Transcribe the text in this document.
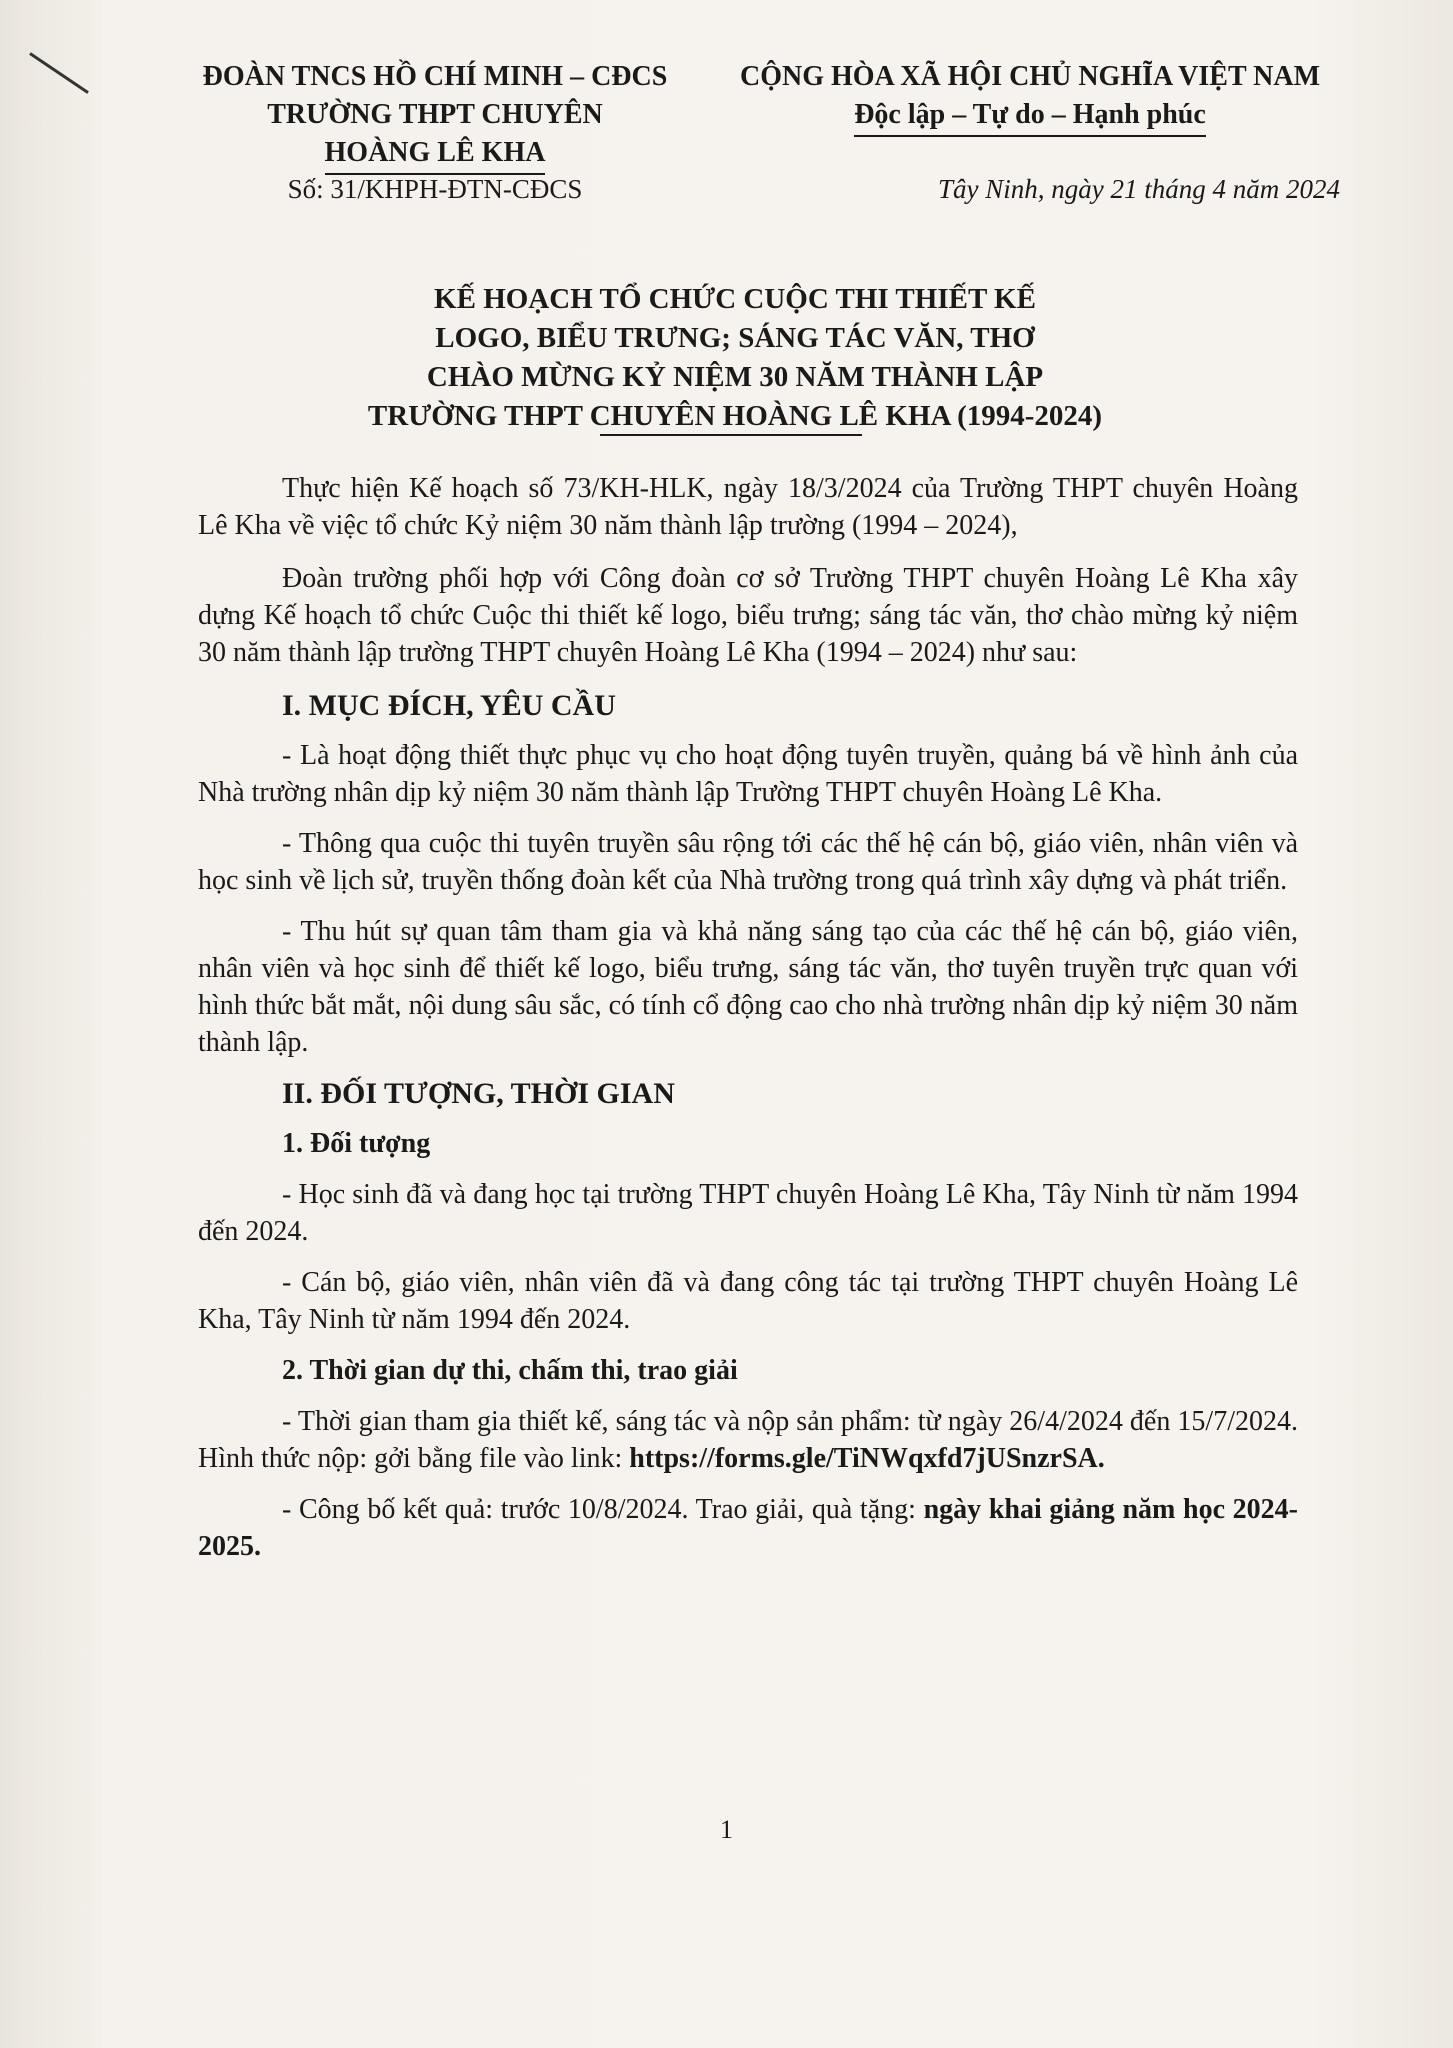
ĐOÀN TNCS HỒ CHÍ MINH – CĐCS
TRƯỜNG THPT CHUYÊN
HOÀNG LÊ KHA
CỘNG HÒA XÃ HỘI CHỦ NGHĨA VIỆT NAM
Độc lập – Tự do – Hạnh phúc
Số: 31/KHPH-ĐTN-CĐCS	Tây Ninh, ngày 21 tháng 4 năm 2024
KẾ HOẠCH TỔ CHỨC CUỘC THI THIẾT KẾ
LOGO, BIỂU TRƯNG; SÁNG TÁC VĂN, THƠ
CHÀO MỪNG KỶ NIỆM 30 NĂM THÀNH LẬP
TRƯỜNG THPT CHUYÊN HOÀNG LÊ KHA (1994-2024)

Thực hiện Kế hoạch số 73/KH-HLK, ngày 18/3/2024 của Trường THPT chuyên Hoàng Lê Kha về việc tổ chức Kỷ niệm 30 năm thành lập trường (1994 – 2024),

Đoàn trường phối hợp với Công đoàn cơ sở Trường THPT chuyên Hoàng Lê Kha xây dựng Kế hoạch tổ chức Cuộc thi thiết kế logo, biểu trưng; sáng tác văn, thơ chào mừng kỷ niệm 30 năm thành lập trường THPT chuyên Hoàng Lê Kha (1994 – 2024) như sau:

I. MỤC ĐÍCH, YÊU CẦU

- Là hoạt động thiết thực phục vụ cho hoạt động tuyên truyền, quảng bá về hình ảnh của Nhà trường nhân dịp kỷ niệm 30 năm thành lập Trường THPT chuyên Hoàng Lê Kha.

- Thông qua cuộc thi tuyên truyền sâu rộng tới các thế hệ cán bộ, giáo viên, nhân viên và học sinh về lịch sử, truyền thống đoàn kết của Nhà trường trong quá trình xây dựng và phát triển.

- Thu hút sự quan tâm tham gia và khả năng sáng tạo của các thế hệ cán bộ, giáo viên, nhân viên và học sinh để thiết kế logo, biểu trưng, sáng tác văn, thơ tuyên truyền trực quan với hình thức bắt mắt, nội dung sâu sắc, có tính cổ động cao cho nhà trường nhân dịp kỷ niệm 30 năm thành lập.

II. ĐỐI TƯỢNG, THỜI GIAN
1. Đối tượng

- Học sinh đã và đang học tại trường THPT chuyên Hoàng Lê Kha, Tây Ninh từ năm 1994 đến 2024.

- Cán bộ, giáo viên, nhân viên đã và đang công tác tại trường THPT chuyên Hoàng Lê Kha, Tây Ninh từ năm 1994 đến 2024.

2. Thời gian dự thi, chấm thi, trao giải

- Thời gian tham gia thiết kế, sáng tác và nộp sản phẩm: từ ngày 26/4/2024 đến 15/7/2024. Hình thức nộp: gởi bằng file vào link: https://forms.gle/TiNWqxfd7jUSnzrSA.

- Công bố kết quả: trước 10/8/2024. Trao giải, quà tặng: ngày khai giảng năm học 2024-2025.

1
